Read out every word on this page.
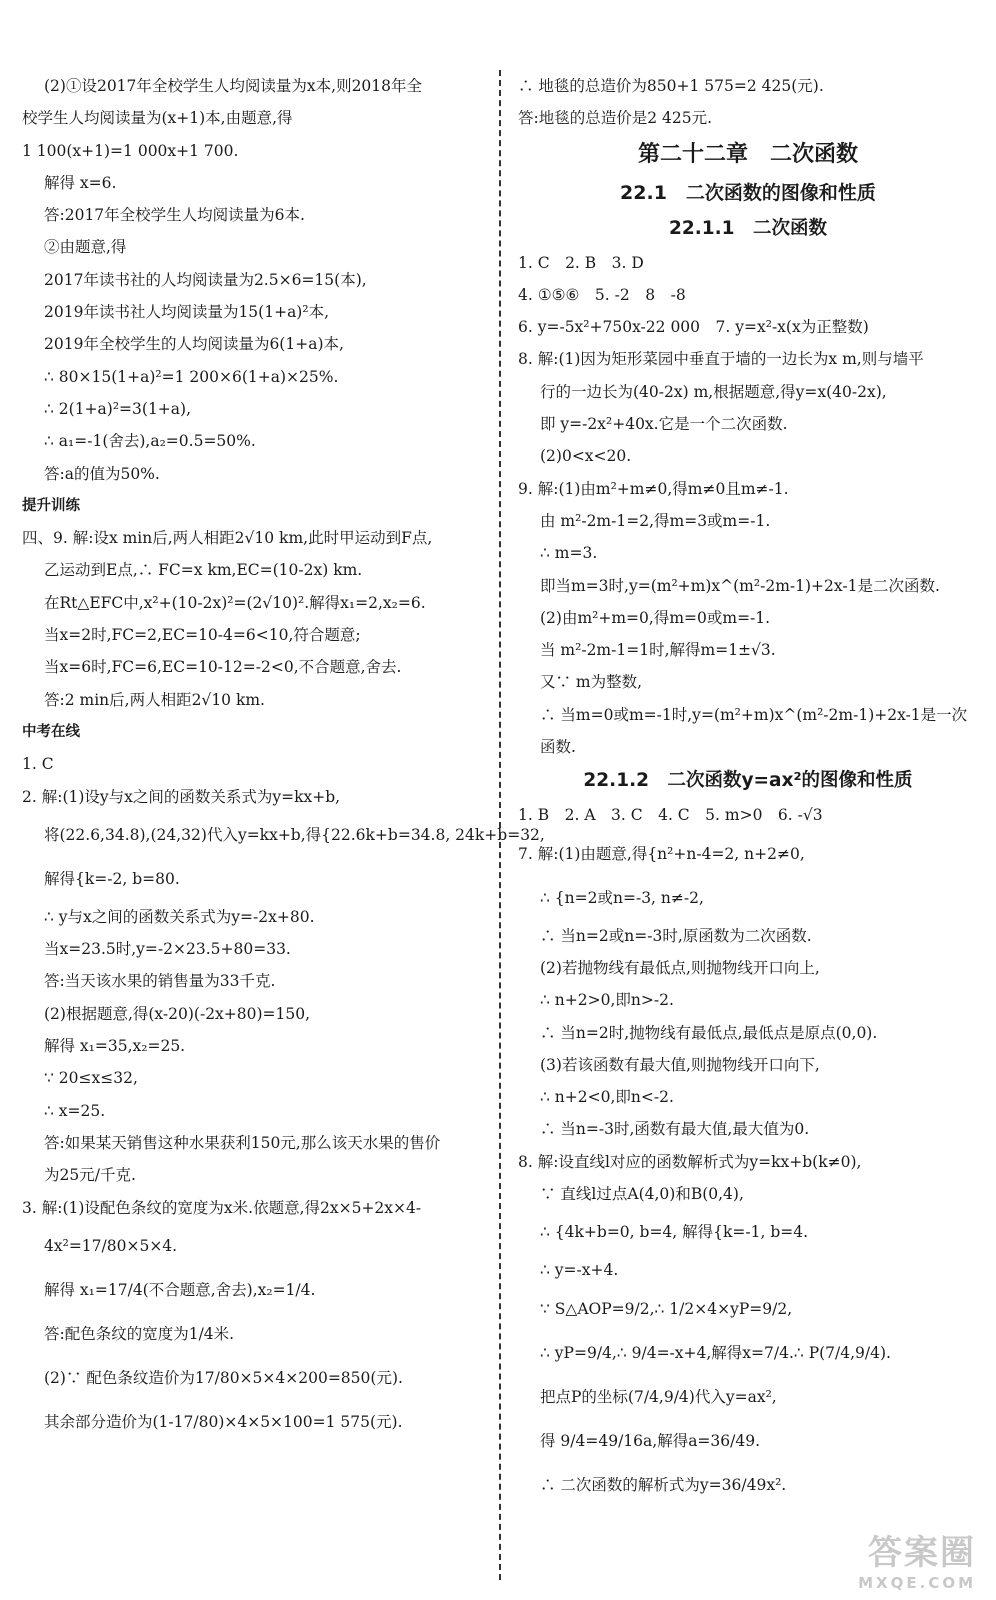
(2)①设2017年全校学生人均阅读量为x本,则2018年全
校学生人均阅读量为(x+1)本,由题意,得
1 100(x+1)=1 000x+1 700.
解得 x=6.
答:2017年全校学生人均阅读量为6本.
②由题意,得
2017年读书社的人均阅读量为2.5×6=15(本),
2019年读书社人均阅读量为15(1+a)²本,
2019年全校学生的人均阅读量为6(1+a)本,
∴ 80×15(1+a)²=1 200×6(1+a)×25%.
∴ 2(1+a)²=3(1+a),
∴ a₁=-1(舍去),a₂=0.5=50%.
答:a的值为50%.
提升训练
四、9. 解:设x min后,两人相距2√10 km,此时甲运动到F点,
乙运动到E点,∴ FC=x km,EC=(10-2x) km.
在Rt△EFC中,x²+(10-2x)²=(2√10)².解得x₁=2,x₂=6.
当x=2时,FC=2,EC=10-4=6<10,符合题意;
当x=6时,FC=6,EC=10-12=-2<0,不合题意,舍去.
答:2 min后,两人相距2√10 km.
中考在线
1. C
2. 解:(1)设y与x之间的函数关系式为y=kx+b,
将(22.6,34.8),(24,32)代入y=kx+b,得{22.6k+b=34.8, 24k+b=32,
解得{k=-2, b=80.
∴ y与x之间的函数关系式为y=-2x+80.
当x=23.5时,y=-2×23.5+80=33.
答:当天该水果的销售量为33千克.
(2)根据题意,得(x-20)(-2x+80)=150,
解得 x₁=35,x₂=25.
∵ 20≤x≤32,
∴ x=25.
答:如果某天销售这种水果获利150元,那么该天水果的售价
为25元/千克.
3. 解:(1)设配色条纹的宽度为x米.依题意,得2x×5+2x×4-
4x²=17/80×5×4.
解得 x₁=17/4(不合题意,舍去),x₂=1/4.
答:配色条纹的宽度为1/4米.
(2)∵ 配色条纹造价为17/80×5×4×200=850(元).
其余部分造价为(1-17/80)×4×5×100=1 575(元).
∴ 地毯的总造价为850+1 575=2 425(元).
答:地毯的总造价是2 425元.
第二十二章　二次函数
22.1　二次函数的图像和性质
22.1.1　二次函数
1. C　2. B　3. D
4. ①⑤⑥　5. -2　8　-8
6. y=-5x²+750x-22 000　7. y=x²-x(x为正整数)
8. 解:(1)因为矩形菜园中垂直于墙的一边长为x m,则与墙平
行的一边长为(40-2x) m,根据题意,得y=x(40-2x),
即 y=-2x²+40x.它是一个二次函数.
(2)0<x<20.
9. 解:(1)由m²+m≠0,得m≠0且m≠-1.
由 m²-2m-1=2,得m=3或m=-1.
∴ m=3.
即当m=3时,y=(m²+m)x^(m²-2m-1)+2x-1是二次函数.
(2)由m²+m=0,得m=0或m=-1.
当 m²-2m-1=1时,解得m=1±√3.
又∵ m为整数,
∴ 当m=0或m=-1时,y=(m²+m)x^(m²-2m-1)+2x-1是一次
函数.
22.1.2　二次函数y=ax²的图像和性质
1. B　2. A　3. C　4. C　5. m>0　6. -√3
7. 解:(1)由题意,得{n²+n-4=2, n+2≠0,
∴ {n=2或n=-3, n≠-2,
∴ 当n=2或n=-3时,原函数为二次函数.
(2)若抛物线有最低点,则抛物线开口向上,
∴ n+2>0,即n>-2.
∴ 当n=2时,抛物线有最低点,最低点是原点(0,0).
(3)若该函数有最大值,则抛物线开口向下,
∴ n+2<0,即n<-2.
∴ 当n=-3时,函数有最大值,最大值为0.
8. 解:设直线l对应的函数解析式为y=kx+b(k≠0),
∵ 直线l过点A(4,0)和B(0,4),
∴ {4k+b=0, b=4, 解得{k=-1, b=4.
∴ y=-x+4.
∵ S△AOP=9/2,∴ 1/2×4×yP=9/2,
∴ yP=9/4,∴ 9/4=-x+4,解得x=7/4.∴ P(7/4,9/4).
把点P的坐标(7/4,9/4)代入y=ax²,
得 9/4=49/16a,解得a=36/49.
∴ 二次函数的解析式为y=36/49x².
答案圈
MXQE.COM
